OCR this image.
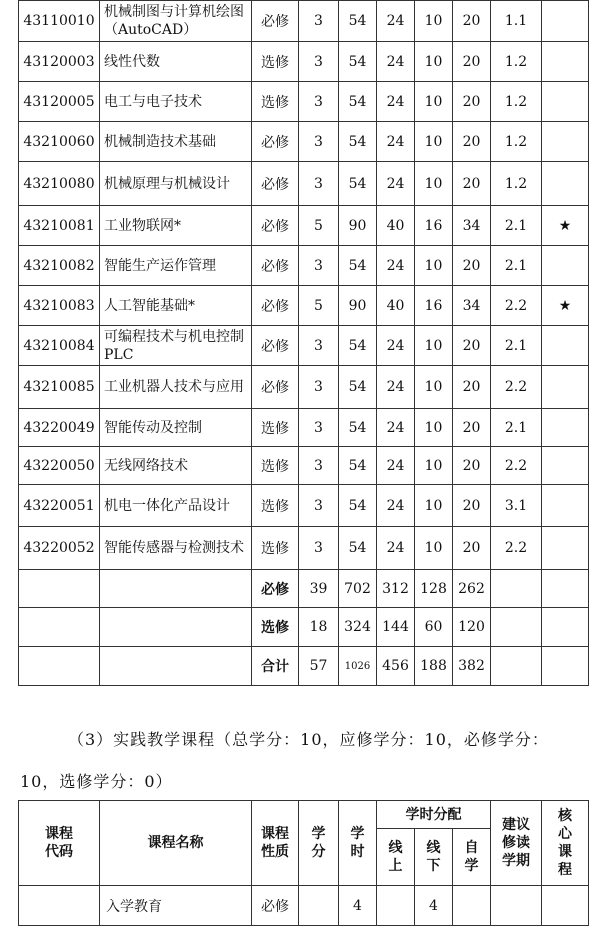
43110010	机械制图与计算机绘图（AutoCAD）	必修	3	54	24	10	20	1.1	
43120003	线性代数	选修	3	54	24	10	20	1.2	
43120005	电工与电子技术	选修	3	54	24	10	20	1.2	
43210060	机械制造技术基础	必修	3	54	24	10	20	1.2	
43210080	机械原理与机械设计	必修	3	54	24	10	20	1.2	
43210081	工业物联网*	必修	5	90	40	16	34	2.1	★
43210082	智能生产运作管理	必修	3	54	24	10	20	2.1	
43210083	人工智能基础*	必修	5	90	40	16	34	2.2	★
43210084	可编程技术与机电控制 PLC	必修	3	54	24	10	20	2.1	
43210085	工业机器人技术与应用	必修	3	54	24	10	20	2.2	
43220049	智能传动及控制	选修	3	54	24	10	20	2.1	
43220050	无线网络技术	选修	3	54	24	10	20	2.2	
43220051	机电一体化产品设计	选修	3	54	24	10	20	3.1	
43220052	智能传感器与检测技术	选修	3	54	24	10	20	2.2	
		必修	39	702	312	128	262		
		选修	18	324	144	60	120		
		合计	57	1026	456	188	382		
（3）实践教学课程（总学分：10，应修学分：10，必修学分：
10，选修学分：0）
课程代码	课程名称	课程性质	学分	学时	学时分配			建议修读学期	核心课程

					线上	线下	自学		

	入学教育	必修		4		4			
